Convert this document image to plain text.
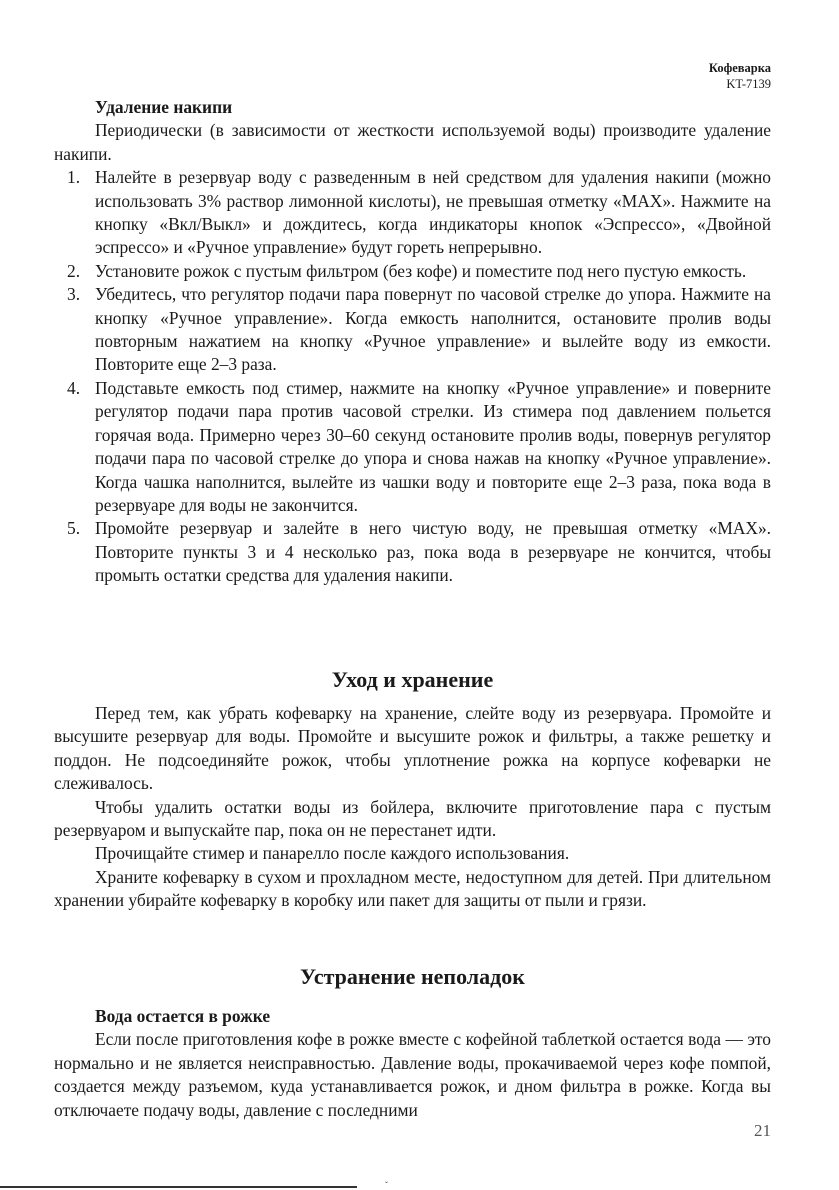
Кофеварка
KT-7139
Удаление накипи

Периодически (в зависимости от жесткости используемой воды) производите удаление накипи.

1. Налейте в резервуар воду с разведенным в ней средством для удаления накипи (можно использовать 3% раствор лимонной кислоты), не превышая отметку «MAX». Нажмите на кнопку «Вкл/Выкл» и дождитесь, когда индикаторы кнопок «Эспрессо», «Двойной эспрессо» и «Ручное управление» будут гореть непрерывно.
2. Установите рожок с пустым фильтром (без кофе) и поместите под него пустую емкость.
3. Убедитесь, что регулятор подачи пара повернут по часовой стрелке до упора. Нажмите на кнопку «Ручное управление». Когда емкость наполнится, остановите пролив воды повторным нажатием на кнопку «Ручное управление» и вылейте воду из емкости. Повторите еще 2–3 раза.
4. Подставьте емкость под стимер, нажмите на кнопку «Ручное управление» и поверните регулятор подачи пара против часовой стрелки. Из стимера под давлением польется горячая вода. Примерно через 30–60 секунд остановите пролив воды, повернув регулятор подачи пара по часовой стрелке до упора и снова нажав на кнопку «Ручное управление». Когда чашка наполнится, вылейте из чашки воду и повторите еще 2–3 раза, пока вода в резервуаре для воды не закончится.
5. Промойте резервуар и залейте в него чистую воду, не превышая отметку «MAX». Повторите пункты 3 и 4 несколько раз, пока вода в резервуаре не кончится, чтобы промыть остатки средства для удаления накипи.
Уход и хранение

Перед тем, как убрать кофеварку на хранение, слейте воду из резервуара. Промойте и высушите резервуар для воды. Промойте и высушите рожок и фильтры, а также решетку и поддон. Не подсоединяйте рожок, чтобы уплотнение рожка на корпусе кофеварки не слеживалось.

Чтобы удалить остатки воды из бойлера, включите приготовление пара с пустым резервуаром и выпускайте пар, пока он не перестанет идти.

Прочищайте стимер и панарелло после каждого использования.

Храните кофеварку в сухом и прохладном месте, недоступном для детей. При длительном хранении убирайте кофеварку в коробку или пакет для защиты от пыли и грязи.

Устранение неполадок
Вода остается в рожке

Если после приготовления кофе в рожке вместе с кофейной таблеткой остается вода — это нормально и не является неисправностью. Давление воды, прокачиваемой через кофе помпой, создается между разъемом, куда устанавливается рожок, и дном фильтра в рожке. Когда вы отключаете подачу воды, давление с последними

21
ˇ
